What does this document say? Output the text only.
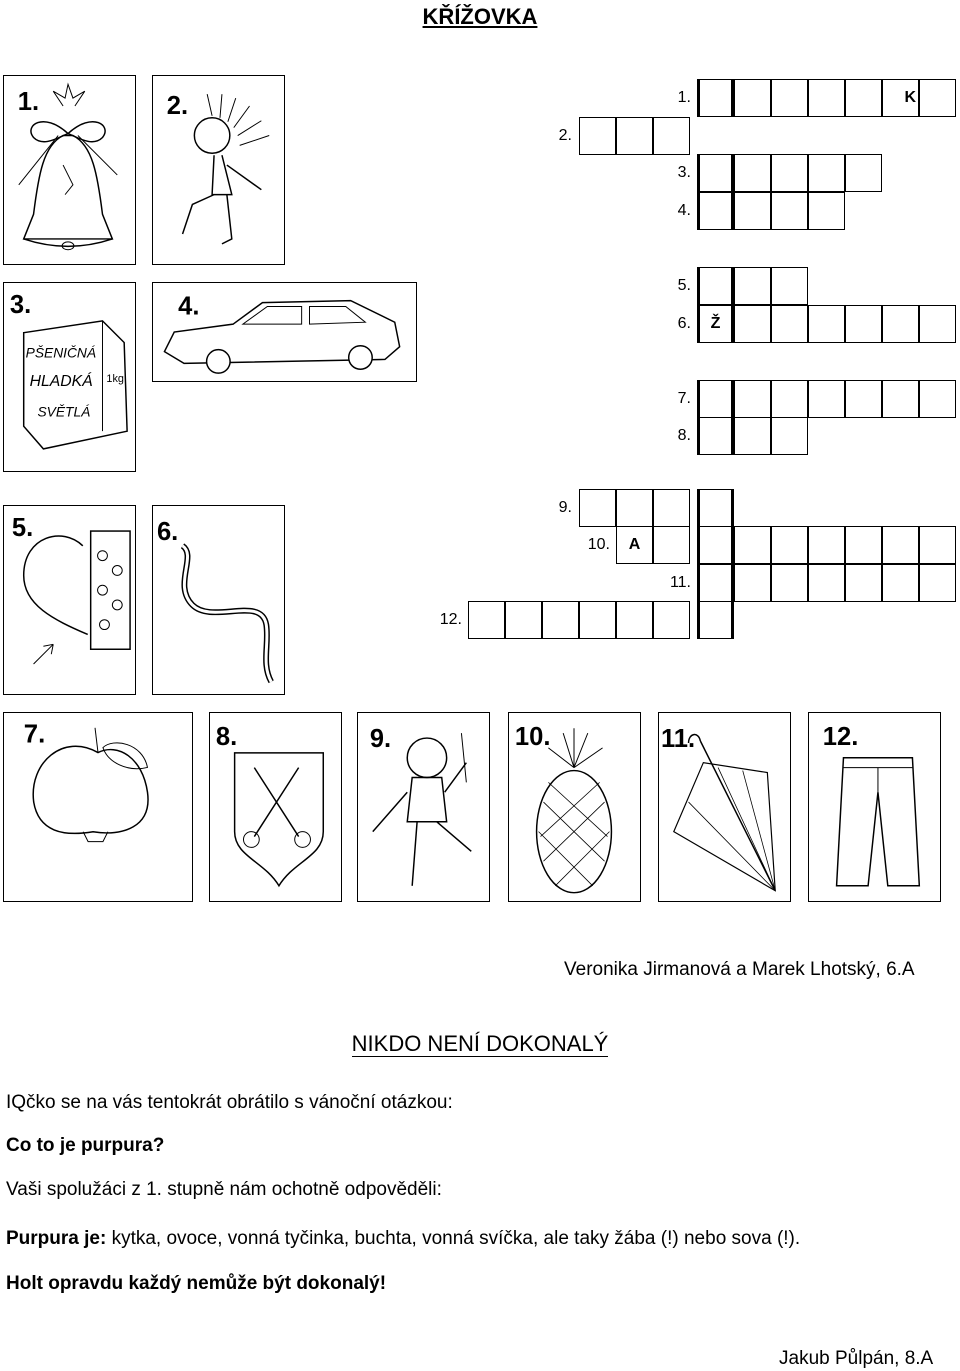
KŘÍŽOVKA
1.	2.
3.
PŠENIČNÁ
HLADKÁ 1kg
SVĚTLÁ
4.
5.	6.
7.	8.	9.	10.	11.	12.
1.	K
2.
3.
4.
5.
6.	Ž
7.
8.
9.
10.	A
11.
12.
Veronika Jirmanová a Marek Lhotský, 6.A
NIKDO NENÍ DOKONALÝ
IQčko se na vás tentokrát obrátilo s vánoční otázkou:
Co to je purpura?
Vaši spolužáci z 1. stupně nám ochotně odpověděli:
Purpura je: kytka, ovoce, vonná tyčinka, buchta, vonná svíčka, ale taky žába (!) nebo sova (!).
Holt opravdu každý nemůže být dokonalý!
Jakub Půlpán, 8.A
